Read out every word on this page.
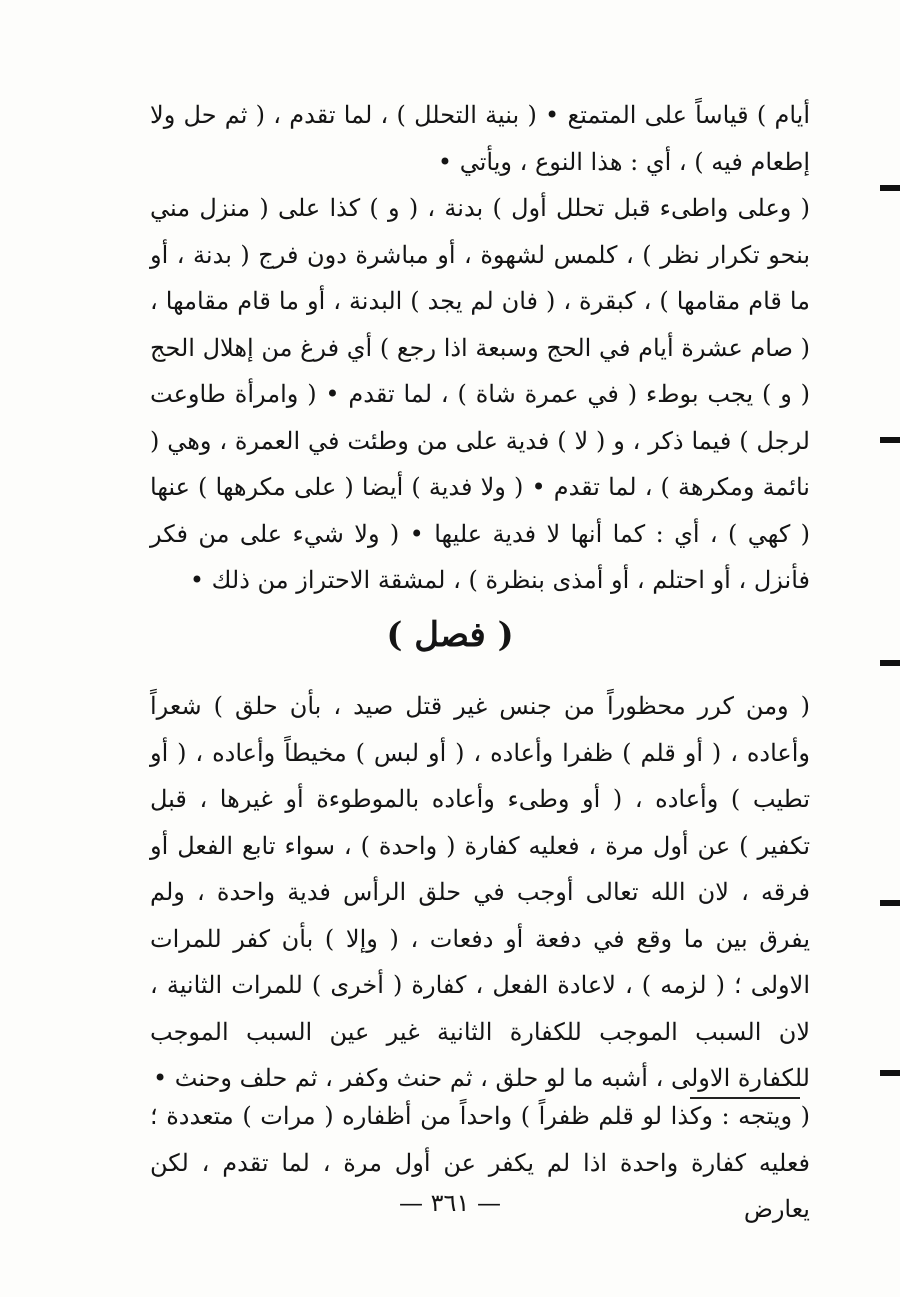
أيام ) قياساً على المتمتع • ( بنية التحلل ) ، لما تقدم ، ( ثم حل ولا إطعام فيه ) ، أي : هذا النوع ، ويأتي •

( وعلى واطىء قبل تحلل أول ) بدنة ، ( و ) كذا على ( منزل مني بنحو تكرار نظر ) ، كلمس لشهوة ، أو مباشرة دون فرج ( بدنة ، أو ما قام مقامها ) ، كبقرة ، ( فان لم يجد ) البدنة ، أو ما قام مقامها ، ( صام عشرة أيام في الحج وسبعة اذا رجع ) أي فرغ من إهلال الحج ( و ) يجب بوطء ( في عمرة شاة ) ، لما تقدم • ( وامرأة طاوعت لرجل ) فيما ذكر ، و ( لا ) فدية على من وطئت في العمرة ، وهي ( نائمة ومكرهة ) ، لما تقدم • ( ولا فدية ) أيضا ( على مكرهها ) عنها ( كهي ) ، أي : كما أنها لا فدية عليها • ( ولا شيء على من فكر فأنزل ، أو احتلم ، أو أمذى بنظرة ) ، لمشقة الاحتراز من ذلك •

( فصل )

( ومن كرر محظوراً من جنس غير قتل صيد ، بأن حلق ) شعراً وأعاده ، ( أو قلم ) ظفرا وأعاده ، ( أو لبس ) مخيطاً وأعاده ، ( أو تطيب ) وأعاده ، ( أو وطىء وأعاده بالموطوءة أو غيرها ، قبل تكفير ) عن أول مرة ، فعليه كفارة ( واحدة ) ، سواء تابع الفعل أو فرقه ، لان الله تعالى أوجب في حلق الرأس فدية واحدة ، ولم يفرق بين ما وقع في دفعة أو دفعات ، ( وإلا ) بأن كفر للمرات الاولى ؛ ( لزمه ) ، لاعادة الفعل ، كفارة ( أخرى ) للمرات الثانية ، لان السبب الموجب للكفارة الثانية غير عين السبب الموجب للكفارة الاولى ، أشبه ما لو حلق ، ثم حنث وكفر ، ثم حلف وحنث •

( ويتجه : وكذا لو قلم ظفراً ) واحداً من أظفاره ( مرات ) متعددة ؛ فعليه كفارة واحدة اذا لم يكفر عن أول مرة ، لما تقدم ، لكن يعارض

— ٣٦١ —
